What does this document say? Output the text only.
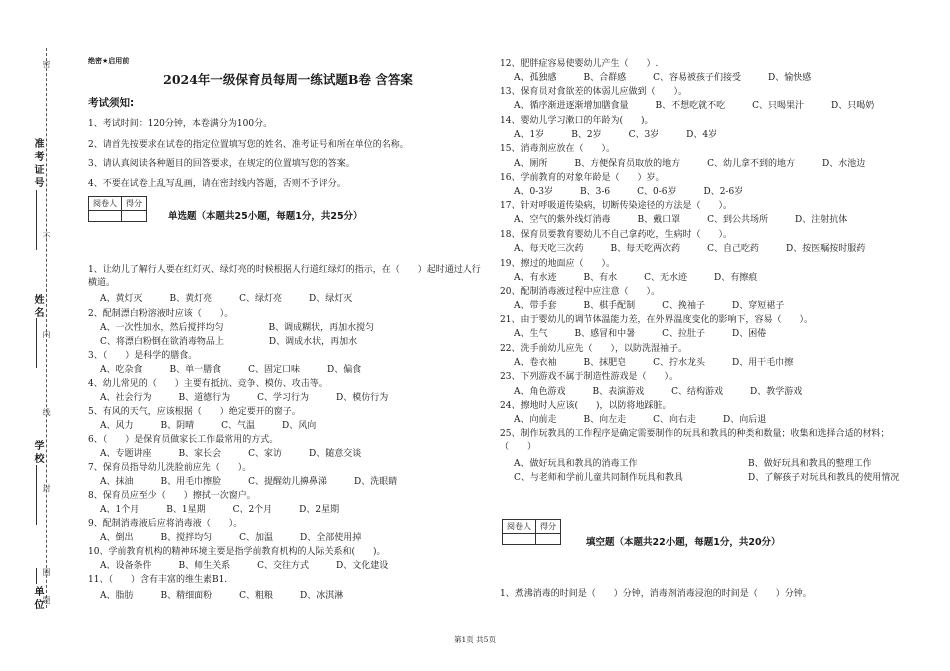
准考证号
姓名
学校
单位
密
不
内
线
封
圈
题
绝密★启用前
2024年一级保育员每周一练试题B卷 含答案
考试须知:
1、考试时间：120分钟，本卷满分为100分。
2、请首先按要求在试卷的指定位置填写您的姓名、准考证号和所在单位的名称。
3、请认真阅读各种题目的回答要求，在规定的位置填写您的答案。
4、不要在试卷上乱写乱画，请在密封线内答题，否则不予评分。
阅卷人	得分

单选题（本题共25小题，每题1分，共25分）
1、让幼儿了解行人要在红灯灭、绿灯亮的时候根据人行道红绿灯的指示，在（　　）起时通过人行横道。
A、黄灯灭　　　B、黄灯亮　　　C、绿灯亮　　　D、绿灯灭
2、配制漂白粉溶液时应该（　　）。
A、一次性加水，然后搅拌均匀　　　　　B、调成糊状，再加水搅匀
C、将漂白粉倒在欲消毒物品上　　　　　D、调成水状，再加水
3、（　　）是科学的膳食。
A、吃杂食　　　B、单一膳食　　　C、固定口味　　　D、偏食
4、幼儿常见的（　　）主要有抵抗、竞争、模仿、攻击等。
A、社会行为　　　B、道德行为　　　C、学习行为　　　D、模仿行为
5、有风的天气，应该根据（　　）绝定要开的窗子。
A、风力　　　B、阴晴　　　C、气温　　　D、风向
6、（　　）是保育员做家长工作最常用的方式。
A、专题讲座　　　B、家长会　　　C、家访　　　D、随意交谈
7、保育员指导幼儿洗脸前应先（　　）。
A、抹油　　　B、用毛巾擦脸　　　C、提醒幼儿擤鼻涕　　　D、洗眼睛
8、保育员应至少（　　）擦拭一次窗户。
A、1个月　　　B、1星期　　　C、2个月　　　D、2星期
9、配制消毒液后应将消毒液（　　）。
A、倒出　　　B、搅拌均匀　　　C、加温　　　D、全部使用掉
10、学前教育机构的精神环境主要是指学前教育机构的人际关系和(　　)。
A、设备条件　　　B、师生关系　　　C、交往方式　　　D、文化建设
11、（　　）含有丰富的维生素B1.
A、脂肪　　　B、精细面粉　　　C、粗粮　　　D、冰淇淋
12、肥胖症容易使婴幼儿产生（　　）.
A、孤独感　　　B、合群感　　　C、容易被孩子们接受　　　D、愉快感
13、保育员对食欲差的体弱儿应做到（　　）。
A、循序渐进逐渐增加膳食量　　　B、不想吃就不吃　　　C、只喝果汁　　　D、只喝奶
14、婴幼儿学习漱口的年龄为(　　)。
A、1岁　　　B、2岁　　　C、3岁　　　D、4岁
15、消毒剂应放在（　　）。
A、厕所　　　B、方便保育员取放的地方　　　C、幼儿拿不到的地方　　　D、水池边
16、学前教育的对象年龄是（　　）岁。
A、0-3岁　　　B、3-6　　　C、0-6岁　　　D、2-6岁
17、针对呼吸道传染病，切断传染途径的方法是（　　）。
A、空气的紫外线灯消毒　　　B、戴口罩　　　C、到公共场所　　　D、注射抗体
18、保育员要教育婴幼儿不自己拿药吃，生病时（　　）。
A、每天吃三次药　　　B、每天吃两次药　　　C、自己吃药　　　D、按医嘱按时服药
19、擦过的地面应（　　）。
A、有水迹　　　B、有水　　　C、无水迹　　　D、有擦痕
20、配制消毒液过程中应注意（　　）。
A、带手套　　　B、棋手配制　　　C、挽袖子　　　D、穿短裙子
21、由于婴幼儿的调节体温能力差，在外界温度变化的影响下，容易（　　）。
A、生气　　　B、感冒和中暑　　　C、拉肚子　　　D、困倦
22、洗手前幼儿应先（　　），以防洗湿袖子。
A、卷衣袖　　　B、抹肥皂　　　C、拧水龙头　　　D、用干毛巾擦
23、下列游戏不属于制造性游戏是（　　）。
A、角色游戏　　　B、表演游戏　　　C、结构游戏　　　D、教学游戏
24、擦地时人应该(　　)，以防将地踩脏。
A、向前走　　　B、向左走　　　C、向右走　　　D、向后退
25、制作玩教具的工作程序是确定需要制作的玩具和教具的种类和数量；收集和选择合适的材料；（　　）
A、做好玩具和教具的消毒工作	B、做好玩具和教具的整理工作
C、与老师和学前儿童共同制作玩具和教具	D、了解孩子对玩具和教具的使用情况
阅卷人	得分

填空题（本题共22小题，每题1分，共20分）
1、煮沸消毒的时间是（　　）分钟，消毒剂消毒浸泡的时间是（　　）分钟。
第1页 共5页
